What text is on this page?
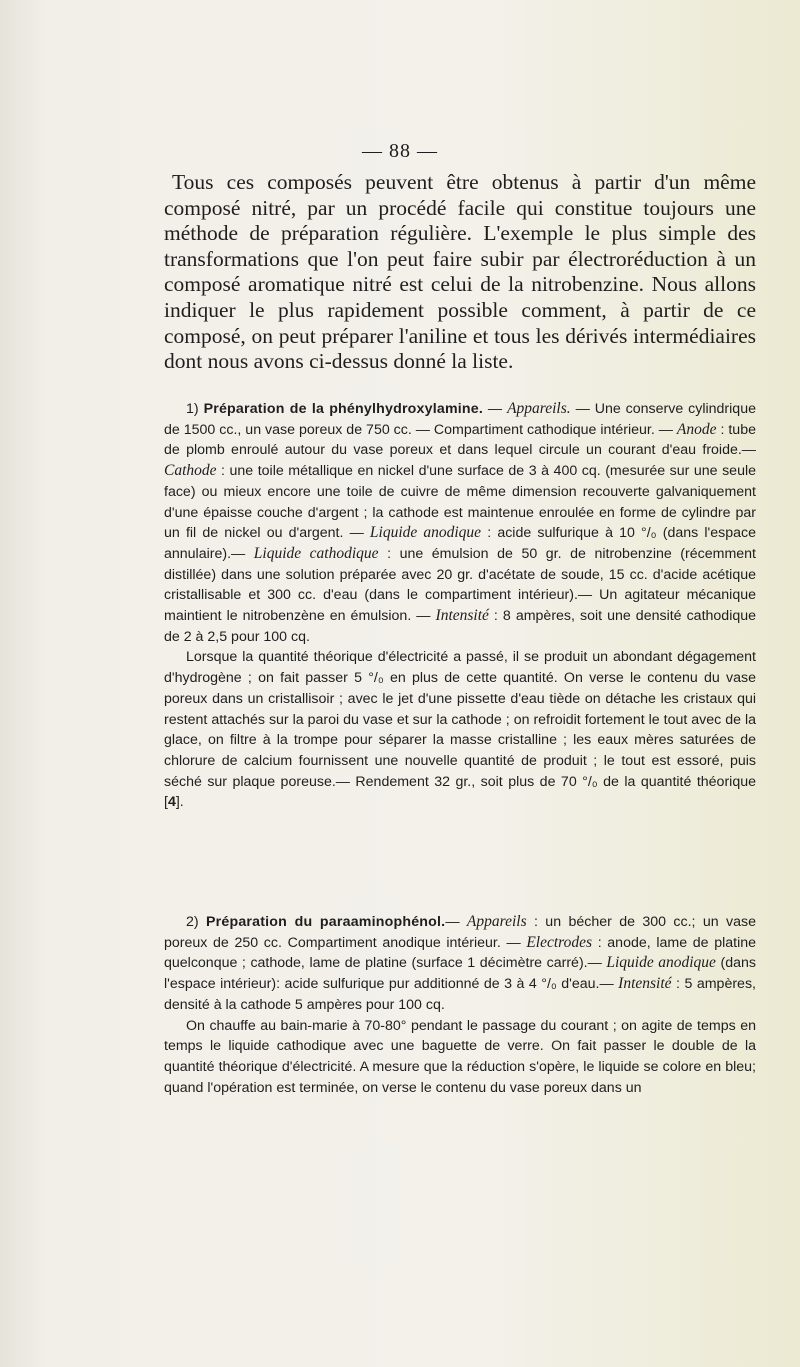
— 88 —

Tous ces composés peuvent être obtenus à partir d'un même composé nitré, par un procédé facile qui constitue toujours une méthode de préparation régulière. L'exemple le plus simple des transformations que l'on peut faire subir par électroréduction à un composé aromatique nitré est celui de la nitrobenzine. Nous allons indiquer le plus rapidement possible comment, à partir de ce composé, on peut préparer l'aniline et tous les dérivés intermédiaires dont nous avons ci-dessus donné la liste.

1) Préparation de la phénylhydroxylamine. — Appareils. — Une conserve cylindrique de 1500 cc., un vase poreux de 750 cc. — Compartiment cathodique intérieur. — Anode : tube de plomb enroulé autour du vase poreux et dans lequel circule un courant d'eau froide.— Cathode : une toile métallique en nickel d'une surface de 3 à 400 cq. (mesurée sur une seule face) ou mieux encore une toile de cuivre de même dimension recouverte galvaniquement d'une épaisse couche d'argent ; la cathode est maintenue enroulée en forme de cylindre par un fil de nickel ou d'argent. — Liquide anodique : acide sulfurique à 10 °/₀ (dans l'espace annulaire).— Liquide cathodique : une émulsion de 50 gr. de nitrobenzine (récemment distillée) dans une solution préparée avec 20 gr. d'acétate de soude, 15 cc. d'acide acétique cristallisable et 300 cc. d'eau (dans le compartiment intérieur).— Un agitateur mécanique maintient le nitrobenzène en émulsion. — Intensité : 8 ampères, soit une densité cathodique de 2 à 2,5 pour 100 cq.

Lorsque la quantité théorique d'électricité a passé, il se produit un abondant dégagement d'hydrogène ; on fait passer 5 °/₀ en plus de cette quantité. On verse le contenu du vase poreux dans un cristallisoir ; avec le jet d'une pissette d'eau tiède on détache les cristaux qui restent attachés sur la paroi du vase et sur la cathode ; on refroidit fortement le tout avec de la glace, on filtre à la trompe pour séparer la masse cristalline ; les eaux mères saturées de chlorure de calcium fournissent une nouvelle quantité de produit ; le tout est essoré, puis séché sur plaque poreuse.— Rendement 32 gr., soit plus de 70 °/₀ de la quantité théorique [4].

2) Préparation du paraaminophénol.— Appareils : un bécher de 300 cc.; un vase poreux de 250 cc. Compartiment anodique intérieur. — Electrodes : anode, lame de platine quelconque ; cathode, lame de platine (surface 1 décimètre carré).— Liquide anodique (dans l'espace intérieur): acide sulfurique pur additionné de 3 à 4 °/₀ d'eau.— Intensité : 5 ampères, densité à la cathode 5 ampères pour 100 cq.

On chauffe au bain-marie à 70-80° pendant le passage du courant ; on agite de temps en temps le liquide cathodique avec une baguette de verre. On fait passer le double de la quantité théorique d'électricité. A mesure que la réduction s'opère, le liquide se colore en bleu; quand l'opération est terminée, on verse le contenu du vase poreux dans un
